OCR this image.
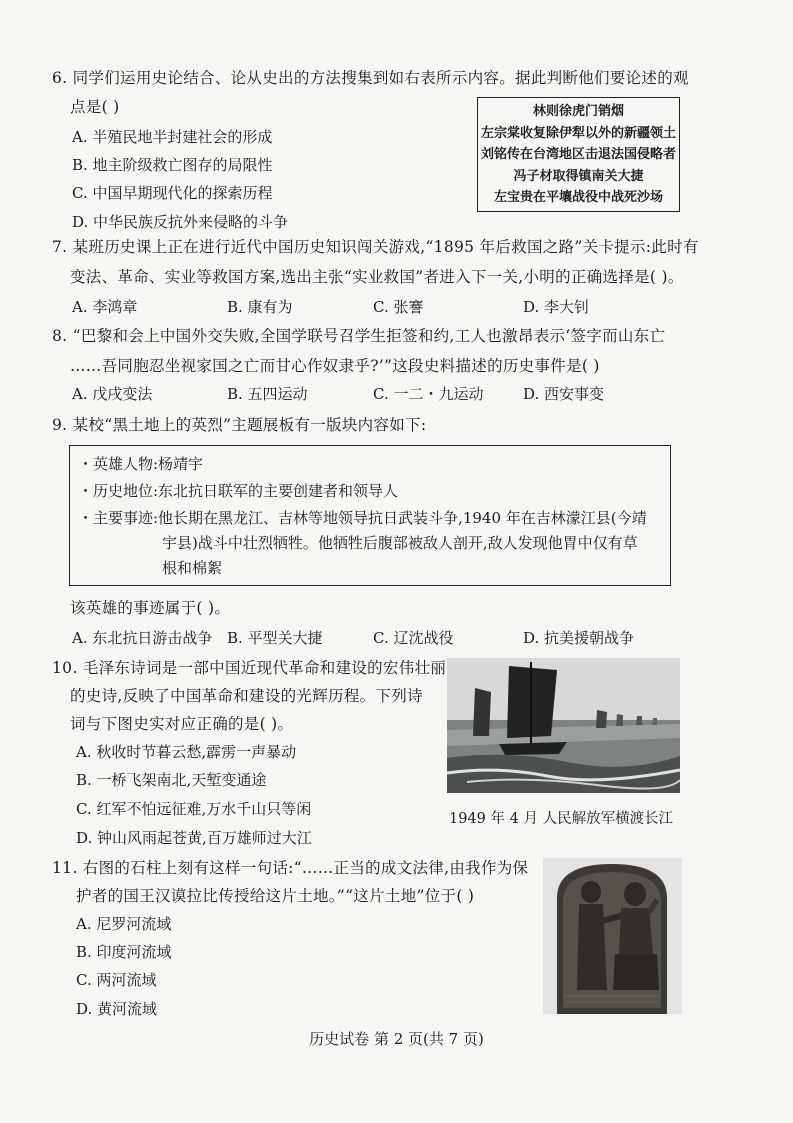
6. 同学们运用史论结合、论从史出的方法搜集到如右表所示内容。据此判断他们要论述的观
点是( )
A. 半殖民地半封建社会的形成
B. 地主阶级救亡图存的局限性
C. 中国早期现代化的探索历程
D. 中华民族反抗外来侵略的斗争
林则徐虎门销烟
左宗棠收复除伊犁以外的新疆领土
刘铭传在台湾地区击退法国侵略者
冯子材取得镇南关大捷
左宝贵在平壤战役中战死沙场
7. 某班历史课上正在进行近代中国历史知识闯关游戏,“1895 年后救国之路”关卡提示:此时有
变法、革命、实业等救国方案,选出主张“实业救国”者进入下一关,小明的正确选择是( )。
A. 李鸿章	B. 康有为	C. 张謇	D. 李大钊
8. “巴黎和会上中国外交失败,全国学联号召学生拒签和约,工人也激昂表示‘签字而山东亡
……吾同胞忍坐视家国之亡而甘心作奴隶乎?’”这段史料描述的历史事件是( )
A. 戊戌变法	B. 五四运动	C. 一二・九运动	D. 西安事变
9. 某校“黑土地上的英烈”主题展板有一版块内容如下:
・英雄人物:杨靖宇
・历史地位:东北抗日联军的主要创建者和领导人
・主要事迹:他长期在黑龙江、吉林等地领导抗日武装斗争,1940 年在吉林濛江县(今靖
宇县)战斗中壮烈牺牲。他牺牲后腹部被敌人剖开,敌人发现他胃中仅有草
根和棉絮
该英雄的事迹属于( )。
A. 东北抗日游击战争 B. 平型关大捷	C. 辽沈战役	D. 抗美援朝战争
10. 毛泽东诗词是一部中国近现代革命和建设的宏伟壮丽
的史诗,反映了中国革命和建设的光辉历程。下列诗
词与下图史实对应正确的是( )。
A. 秋收时节暮云愁,霹雳一声暴动
B. 一桥飞架南北,天堑变通途
C. 红军不怕远征难,万水千山只等闲
D. 钟山风雨起苍黄,百万雄师过大江
1949 年 4 月 人民解放军横渡长江
11. 右图的石柱上刻有这样一句话:“……正当的成文法律,由我作为保
护者的国王汉谟拉比传授给这片土地。”“这片土地”位于( )
A. 尼罗河流域
B. 印度河流域
C. 两河流域
D. 黄河流域
历史试卷 第 2 页(共 7 页)
